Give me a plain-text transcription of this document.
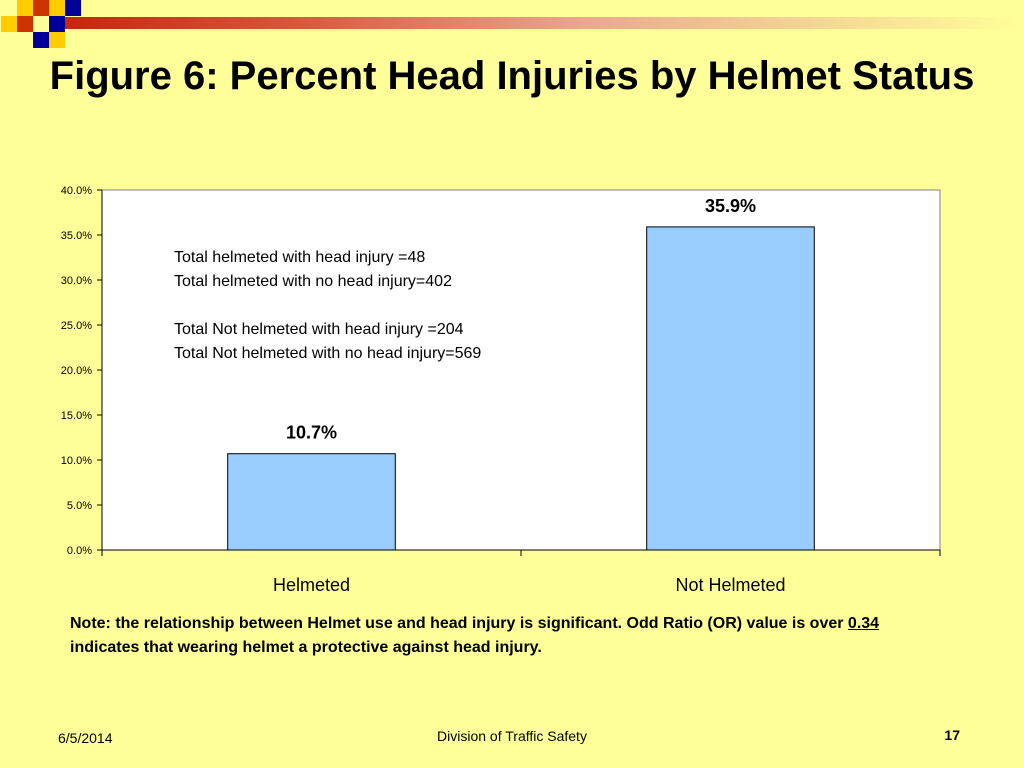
Figure 6: Percent Head Injuries by Helmet Status
0.0%
5.0%
10.0%
15.0%
20.0%
25.0%
30.0%
35.0%
40.0%
10.7%
Helmeted
35.9%
Not Helmeted
Total helmeted with head injury =48
Total helmeted with no head injury=402
Total Not helmeted with head injury =204
Total Not helmeted with no head injury=569
Note: the relationship between Helmet use and head injury is significant. Odd Ratio (OR) value is over 0.34 indicates that wearing helmet a protective against head injury.
6/5/2014	Division of Traffic Safety	17
